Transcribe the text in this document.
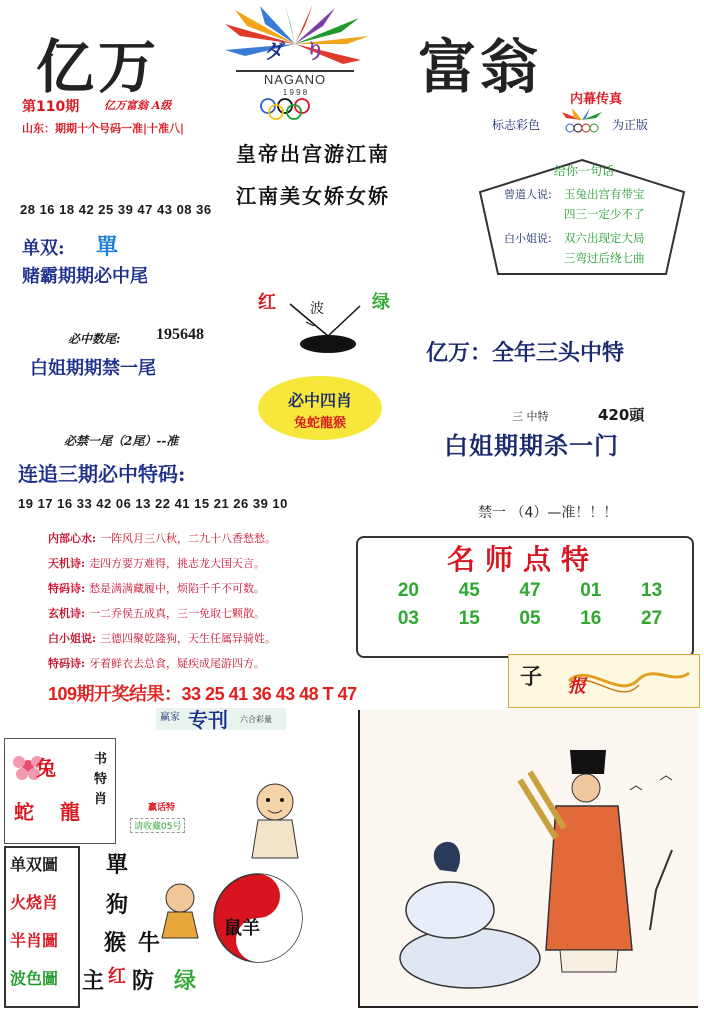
亿万	富翁
ダ り
NAGANO
1 9 9 8
第110期 亿万富翁 A级
山东：期期十个号码一准|十准八|
内幕传真
标志彩色	为正版
皇帝出宫游江南
江南美女娇女娇
给你一句话
曾道人说: 玉兔出宫有带宝
四三一定少不了
白小姐说: 双六出现定大局
三弯过后绕七曲
28 16 18 42 25 39 47 43 08 36
单双: 單
赌霸期期必中尾
红 波	绿
必中数尾: 195648
白姐期期禁一尾
亿万：全年三头中特
必中四肖
兔蛇龍猴	三 中特	420頭
白姐期期杀一门
必禁一尾（2尾）--准
连追三期必中特码:
19 17 16 33 42 06 13 22 41 15 21 26 39 10
禁一 （4）—准！！！
内部心水: 一阵风月三八秋，二九十八香愁愁。
天机诗: 走四方要万难得，挑志龙大国天言。
特码诗: 愁是满满藏履中，烦陷千千不可数。
玄机诗: 一二乔侯五成真，三一免取七颗散。
白小姐说: 三德四聚乾隆狗，天生任属异骑姓。
特码诗: 牙着鲜衣去总食，疑疾成尾游四方。
名师点特
20	45	47	01	13
03	15	05	16	27
109期开奖结果：33 25 41 36 43 48 T 47
赢家 专刊 六合彩量
子 报
兔
蛇 龍
书特肖
赢话特
请收藏05号
单双圖
火烧肖
半肖圖
波色圖
單
狗
猴 牛
鼠羊
主 红 防 绿
